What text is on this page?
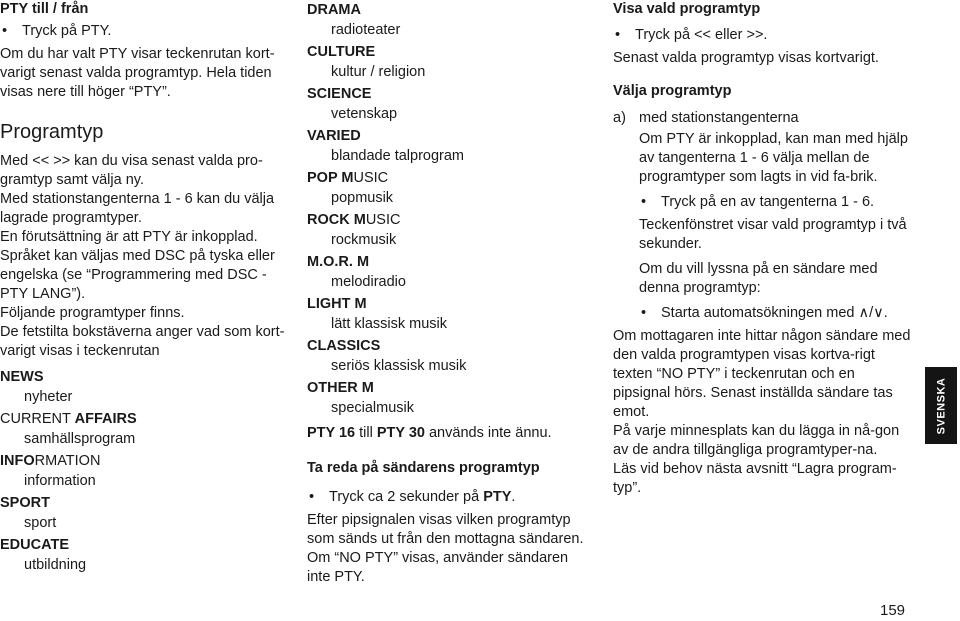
PTY till / från
• Tryck på PTY.

Om du har valt PTY visar teckenrutan kort-varigt senast valda programtyp. Hela tiden visas nere till höger “PTY”.

Programtyp

Med << >> kan du visa senast valda pro-gramtyp samt välja ny.

Med stationstangenterna 1 - 6 kan du välja lagrade programtyper.

En förutsättning är att PTY är inkopplad.

Språket kan väljas med DSC på tyska eller engelska (se “Programmering med DSC - PTY LANG”).

Följande programtyper finns.

De fetstilta bokstäverna anger vad som kort-varigt visas i teckenrutan

NEWS
nyheter
CURRENT AFFAIRS
samhällsprogram
INFORMATION
information
SPORT
sport
EDUCATE
utbildning
DRAMA
radioteater
CULTURE
kultur / religion
SCIENCE
vetenskap
VARIED
blandade talprogram
POP MUSIC
popmusik
ROCK MUSIC
rockmusik
M.O.R. M
melodiradio
LIGHT M
lätt klassisk musik
CLASSICS
seriös klassisk musik
OTHER M
specialmusik

PTY 16 till PTY 30 används inte ännu.

Ta reda på sändarens programtyp
• Tryck ca 2 sekunder på PTY.

Efter pipsignalen visas vilken programtyp som sänds ut från den mottagna sändaren. Om “NO PTY” visas, använder sändaren inte PTY.

Visa vald programtyp
• Tryck på << eller >>.

Senast valda programtyp visas kortvarigt.

Välja programtyp
a) med stationstangenterna

Om PTY är inkopplad, kan man med hjälp av tangenterna 1 - 6 välja mellan de programtyper som lagts in vid fa-brik.

• Tryck på en av tangenterna 1 - 6.

Teckenfönstret visar vald programtyp i två sekunder.

Om du vill lyssna på en sändare med denna programtyp:

• Starta automatsökningen med ∧/∨.

Om mottagaren inte hittar någon sändare med den valda programtypen visas kortva-rigt texten “NO PTY” i teckenrutan och en pipsignal hörs. Senast inställda sändare tas emot.

På varje minnesplats kan du lägga in nå-gon av de andra tillgängliga programtyper-na.

Läs vid behov nästa avsnitt “Lagra program-typ”.

SVENSKA
159
